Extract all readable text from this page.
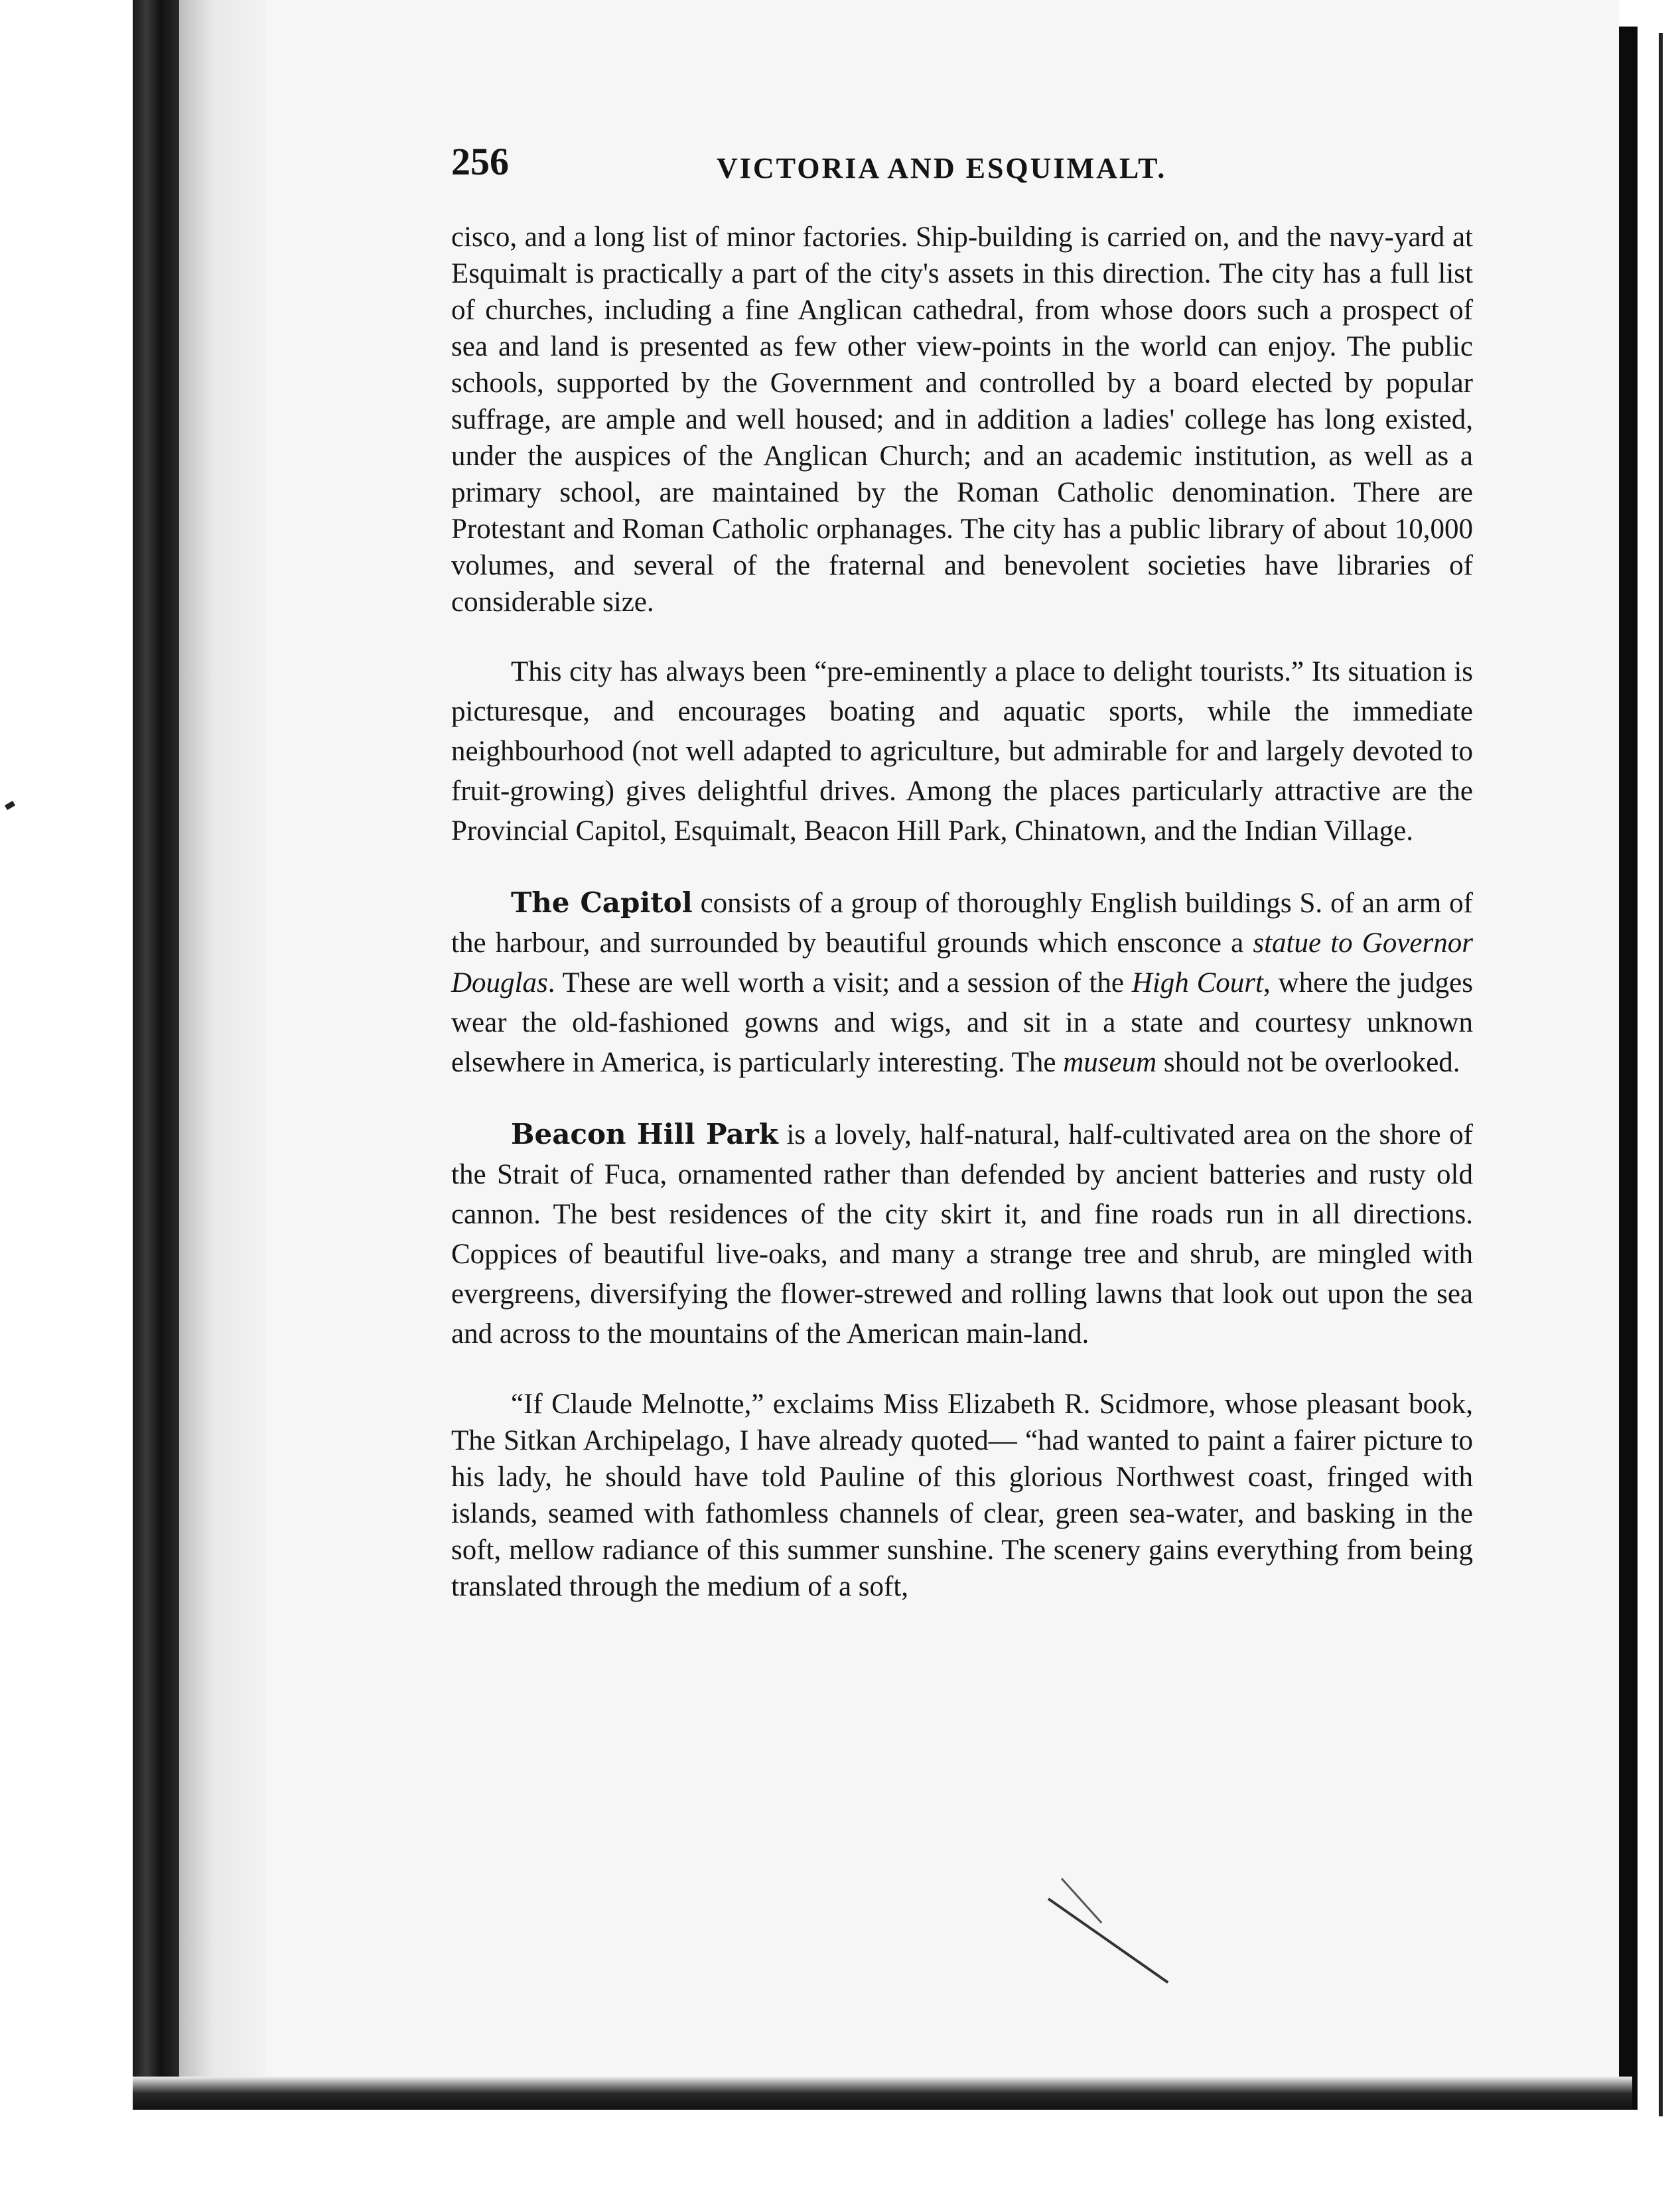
256	VICTORIA AND ESQUIMALT.

cisco, and a long list of minor factories. Ship-building is carried on, and the navy-yard at Esquimalt is practically a part of the city's assets in this direction. The city has a full list of churches, including a fine Anglican cathedral, from whose doors such a prospect of sea and land is presented as few other view-points in the world can enjoy. The public schools, supported by the Government and controlled by a board elected by popular suffrage, are ample and well housed; and in addition a ladies' college has long existed, under the auspices of the Anglican Church; and an academic institution, as well as a primary school, are maintained by the Roman Catholic denomination. There are Protestant and Roman Catholic orphanages. The city has a public library of about 10,000 volumes, and several of the fraternal and benevolent societies have libraries of considerable size.

This city has always been “pre-eminently a place to delight tourists.” Its situation is picturesque, and encourages boating and aquatic sports, while the immediate neighbourhood (not well adapted to agriculture, but admirable for and largely devoted to fruit-growing) gives delightful drives. Among the places particularly attractive are the Provincial Capitol, Esquimalt, Beacon Hill Park, Chinatown, and the Indian Village.

The Capitol consists of a group of thoroughly English buildings S. of an arm of the harbour, and surrounded by beautiful grounds which ensconce a statue to Governor Douglas. These are well worth a visit; and a session of the High Court, where the judges wear the old-fashioned gowns and wigs, and sit in a state and courtesy unknown elsewhere in America, is particularly interesting. The museum should not be overlooked.

Beacon Hill Park is a lovely, half-natural, half-cultivated area on the shore of the Strait of Fuca, ornamented rather than defended by ancient batteries and rusty old cannon. The best residences of the city skirt it, and fine roads run in all directions. Coppices of beautiful live-oaks, and many a strange tree and shrub, are mingled with evergreens, diversifying the flower-strewed and rolling lawns that look out upon the sea and across to the mountains of the American main-land.

“If Claude Melnotte,” exclaims Miss Elizabeth R. Scidmore, whose pleasant book, The Sitkan Archipelago, I have already quoted— “had wanted to paint a fairer picture to his lady, he should have told Pauline of this glorious Northwest coast, fringed with islands, seamed with fathomless channels of clear, green sea-water, and basking in the soft, mellow radiance of this summer sunshine. The scenery gains everything from being translated through the medium of a soft,
